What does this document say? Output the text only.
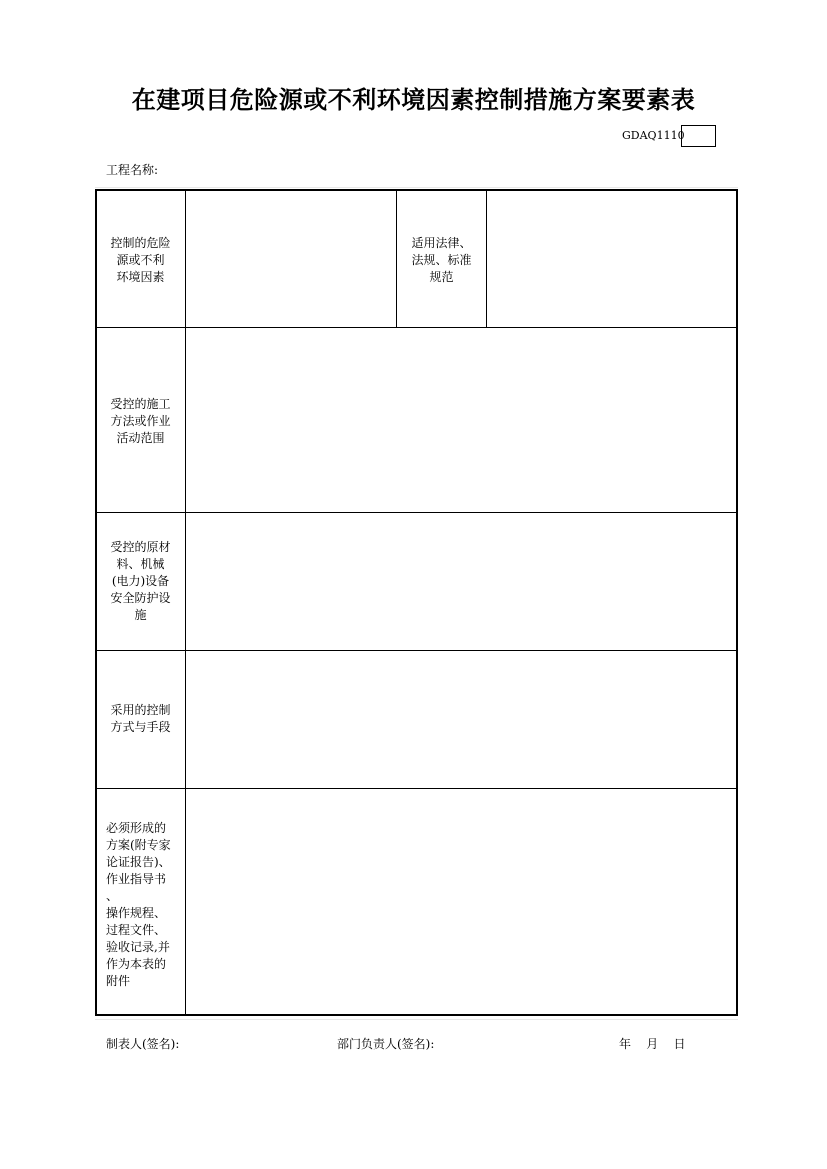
在建项目危险源或不利环境因素控制措施方案要素表
GDAQ1110
工程名称:
控制的危险
源或不利
环境因素
适用法律、
法规、标准
规范
受控的施工
方法或作业
活动范围
受控的原材
料、机械
(电力)设备
安全防护设
施
采用的控制
方式与手段
必须形成的
方案(附专家
论证报告)、
作业指导书
、
操作规程、
过程文件、
验收记录,并
作为本表的
附件
制表人(签名):	部门负责人(签名):	年    月    日
